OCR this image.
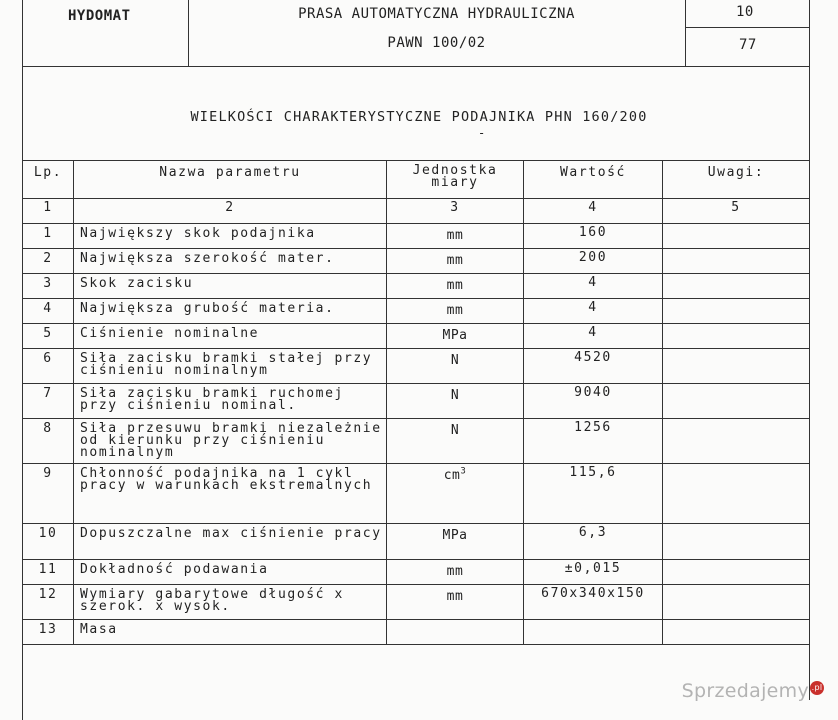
HYDOMAT	PRASA AUTOMATYCZNA HYDRAULICZNA
PAWN 100/02
10
77
WIELKOŚCI CHARAKTERYSTYCZNE PODAJNIKA PHN 160/200
-
Lp.	Nazwa parametru	Jednostka miary	Wartość	Uwagi:
1	2	3	4	5
1	Największy skok podajnika	mm	160	
2	Największa szerokość mater.	mm	200	
3	Skok zacisku	mm	4	
4	Największa grubość materia.	mm	4	
5	Ciśnienie nominalne	MPa	4	
6	Siła zacisku bramki stałej przy ciśnieniu nominalnym	N	4520	
7	Siła zacisku bramki ruchomej przy ciśnieniu nominal.	N	9040	
8	Siła przesuwu bramki niezależnie od kierunku przy ciśnieniu nominalnym	N	1256	
9	Chłonność podajnika na 1 cykl pracy w warunkach ekstremalnych	$cm^3$	115,6	
10	Dopuszczalne max ciśnienie pracy	MPa	6,3	
11	Dokładność podawania	mm	±0,015	
12	Wymiary gabarytowe długość x szerok. x wysok.	mm	670x340x150	
13	Masa			
Sprzedajemy .pl
